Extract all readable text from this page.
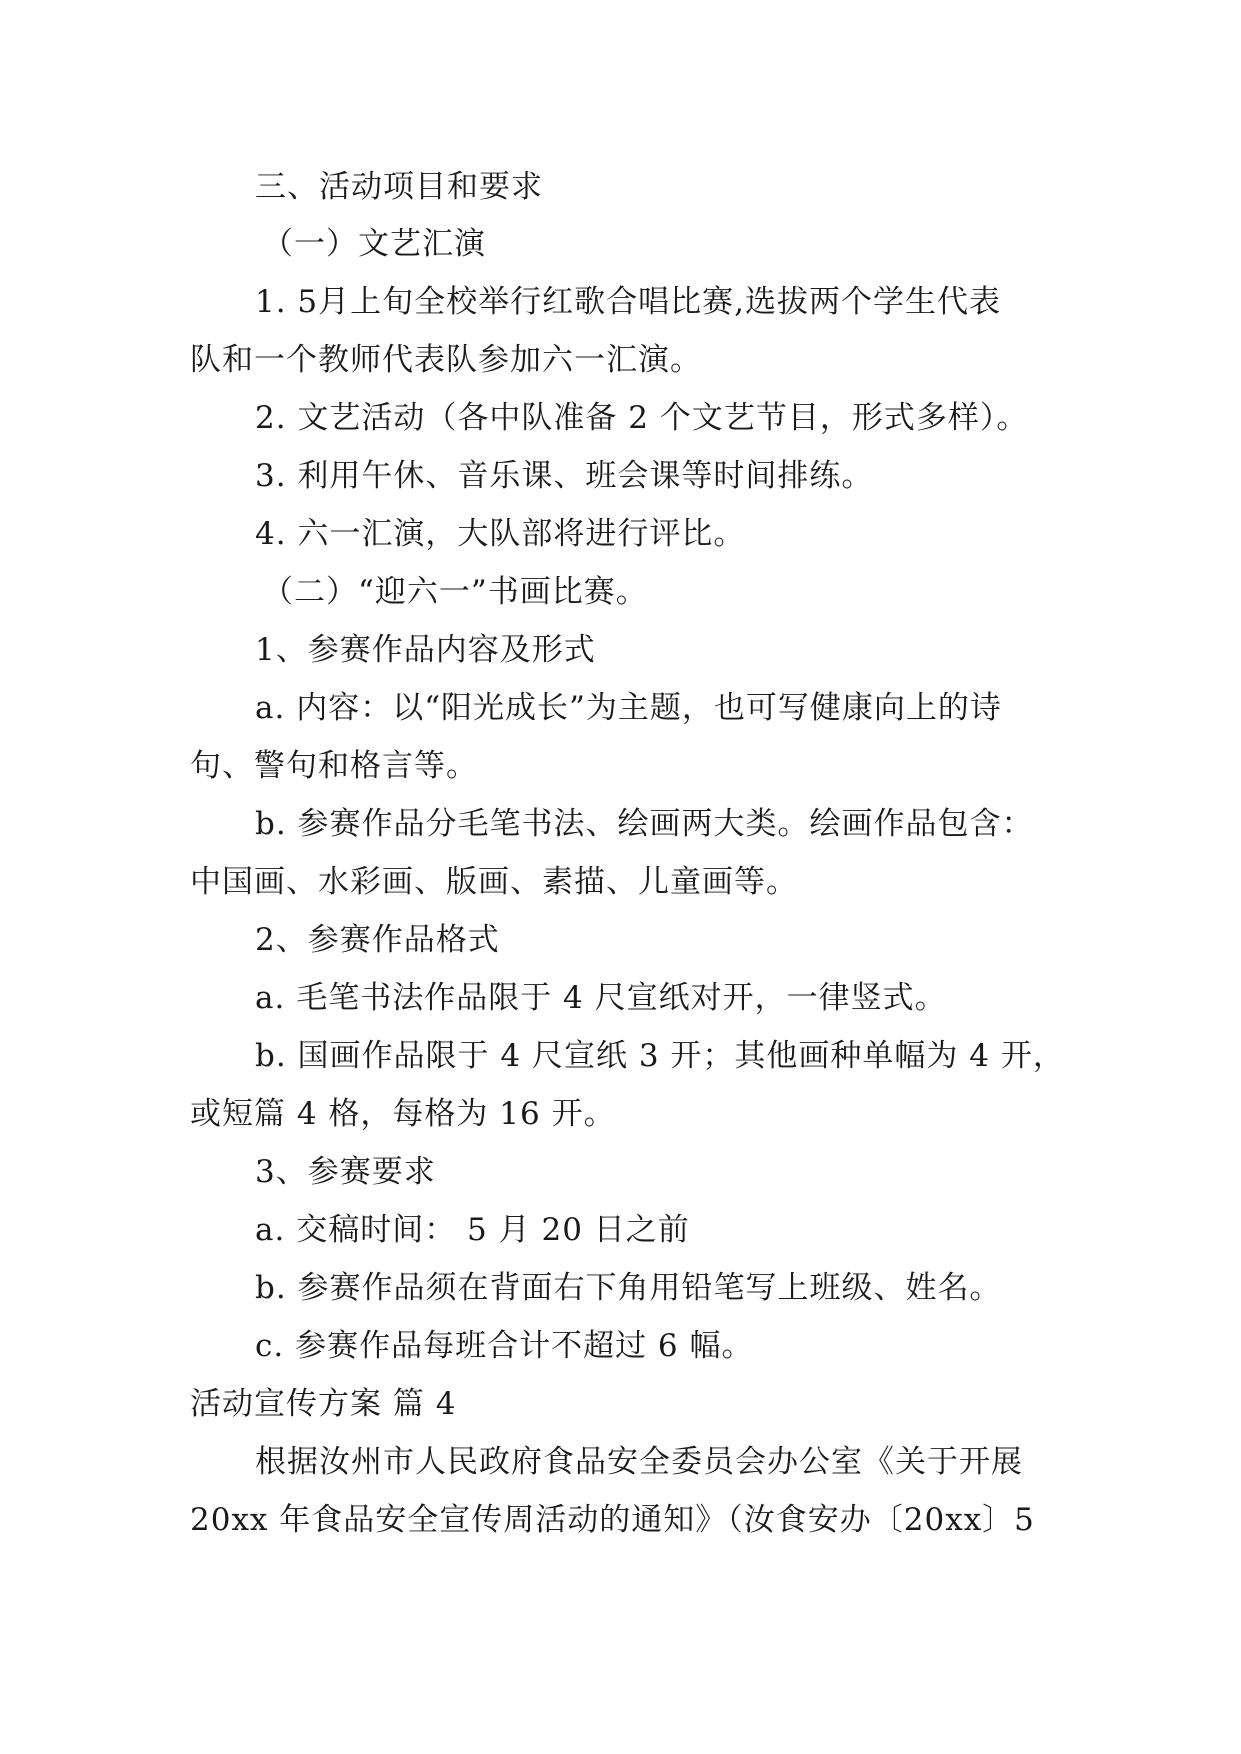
三、活动项目和要求
（一）文艺汇演
1. 5月上旬全校举行红歌合唱比赛,选拔两个学生代表
队和一个教师代表队参加六一汇演。
2. 文艺活动（各中队准备 2 个文艺节目，形式多样）。
3. 利用午休、音乐课、班会课等时间排练。
4. 六一汇演，大队部将进行评比。
（二）“迎六一”书画比赛。
1、参赛作品内容及形式
a. 内容：以“阳光成长”为主题，也可写健康向上的诗
句、警句和格言等。
b. 参赛作品分毛笔书法、绘画两大类。绘画作品包含：
中国画、水彩画、版画、素描、儿童画等。
2、参赛作品格式
a. 毛笔书法作品限于 4 尺宣纸对开，一律竖式。
b. 国画作品限于 4 尺宣纸 3 开；其他画种单幅为 4 开，
或短篇 4 格，每格为 16 开。
3、参赛要求
a. 交稿时间： 5 月 20 日之前
b. 参赛作品须在背面右下角用铅笔写上班级、姓名。
c. 参赛作品每班合计不超过 6 幅。
活动宣传方案 篇 4
根据汝州市人民政府食品安全委员会办公室《关于开展
20xx 年食品安全宣传周活动的通知》（汝食安办〔20xx〕5
